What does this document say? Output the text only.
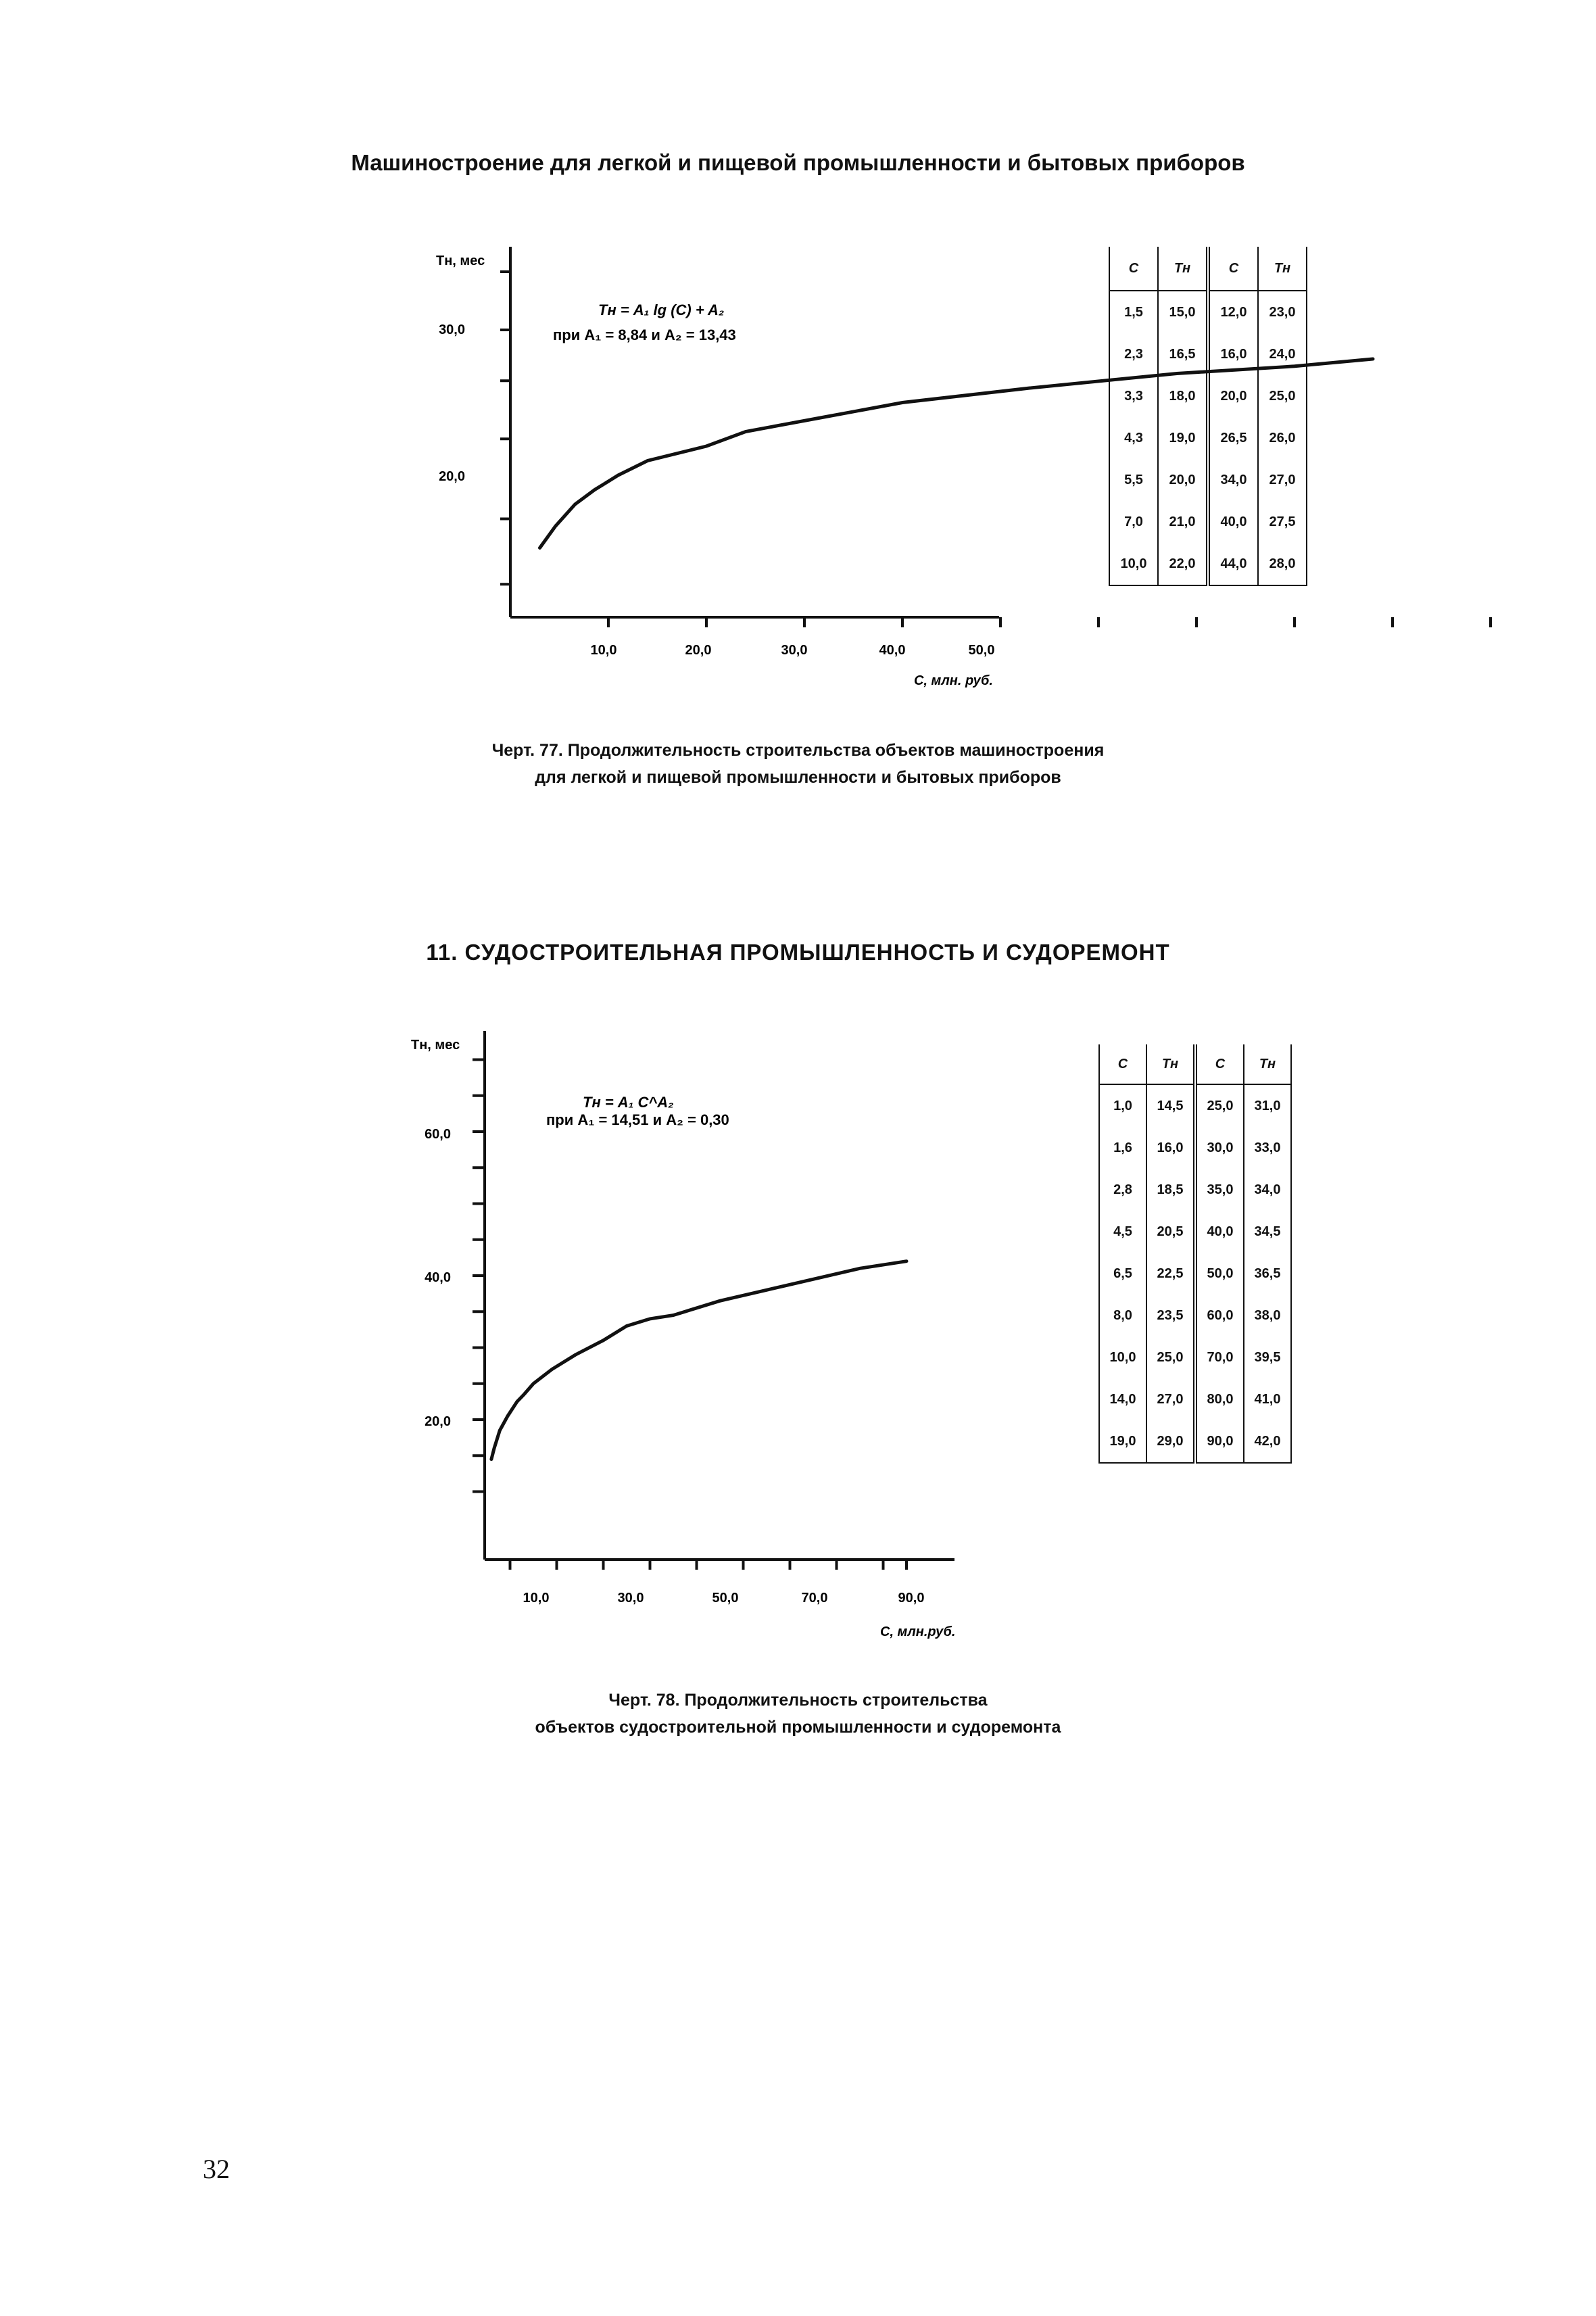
Машиностроение для легкой и пищевой промышленности и бытовых приборов
Тн, мес
30,0
20,0
10,0	20,0	30,0	40,0	50,0
С, млн. руб.
Тн = A₁ lg (C) + A₂
при A₁ = 8,84 и A₂ = 13,43
С	Тн	С	Тн
1,5	15,0	12,0	23,0
2,3	16,5	16,0	24,0
3,3	18,0	20,0	25,0
4,3	19,0	26,5	26,0
5,5	20,0	34,0	27,0
7,0	21,0	40,0	27,5
10,0	22,0	44,0	28,0
Черт. 77. Продолжительность строительства объектов машиностроения
для легкой и пищевой промышленности и бытовых приборов
11. СУДОСТРОИТЕЛЬНАЯ ПРОМЫШЛЕННОСТЬ И СУДОРЕМОНТ
Тн, мес
60,0
40,0
20,0
10,0	30,0	50,0	70,0	90,0
С, млн.руб.
Тн = A₁ C^A₂
при A₁ = 14,51 и A₂ = 0,30
С	Тн	С	Тн
1,0	14,5	25,0	31,0
1,6	16,0	30,0	33,0
2,8	18,5	35,0	34,0
4,5	20,5	40,0	34,5
6,5	22,5	50,0	36,5
8,0	23,5	60,0	38,0
10,0	25,0	70,0	39,5
14,0	27,0	80,0	41,0
19,0	29,0	90,0	42,0
Черт. 78. Продолжительность строительства
объектов судостроительной промышленности и судоремонта
32
